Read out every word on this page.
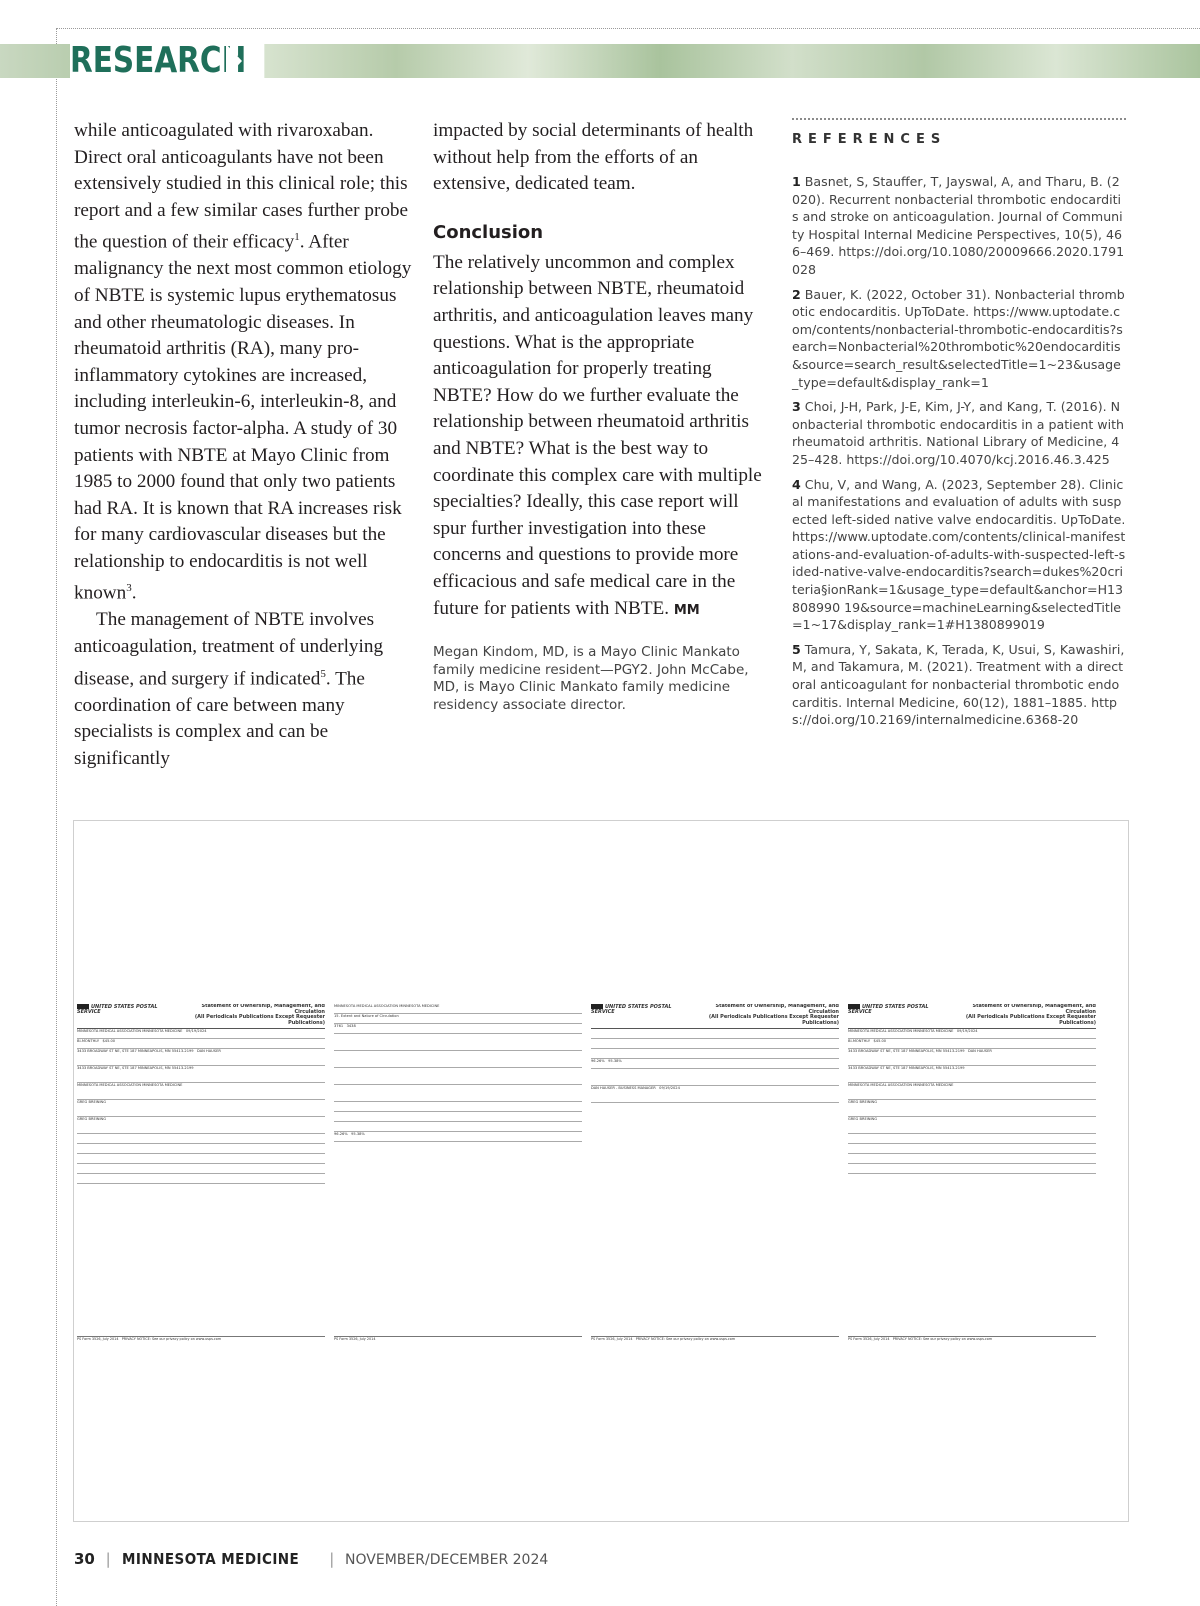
RESEARCH

while anticoagulated with rivaroxaban. Direct oral anticoagulants have not been extensively studied in this clinical role; this report and a few similar cases further probe the question of their efficacy$^1$. After malignancy the next most common etiology of NBTE is systemic lupus erythematosus and other rheumatologic diseases. In rheumatoid arthritis (RA), many pro-inflammatory cytokines are increased, including interleukin-6, interleukin-8, and tumor necrosis factor-alpha. A study of 30 patients with NBTE at Mayo Clinic from 1985 to 2000 found that only two patients had RA. It is known that RA increases risk for many cardiovascular diseases but the relationship to endocarditis is not well known$^3$.

The management of NBTE involves anticoagulation, treatment of underlying disease, and surgery if indicated$^5$. The coordination of care between many specialists is complex and can be significantly

impacted by social determinants of health without help from the efforts of an extensive, dedicated team.

Conclusion

The relatively uncommon and complex relationship between NBTE, rheumatoid arthritis, and anticoagulation leaves many questions. What is the appropriate anticoagulation for properly treating NBTE? How do we further evaluate the relationship between rheumatoid arthritis and NBTE? What is the best way to coordinate this complex care with multiple specialties? Ideally, this case report will spur further investigation into these concerns and questions to provide more efficacious and safe medical care in the future for patients with NBTE. MM

Megan Kindom, MD, is a Mayo Clinic Mankato family medicine resident—PGY2. John McCabe, MD, is Mayo Clinic Mankato family medicine residency associate director.

REFERENCES

1 Basnet, S, Stauffer, T, Jayswal, A, and Tharu, B. (2020). Recurrent nonbacterial thrombotic endocarditis and stroke on anticoagulation. Journal of Community Hospital Internal Medicine Perspectives, 10(5), 466–469. https://doi.org/10.1080/20009666.2020.1791028

2 Bauer, K. (2022, October 31). Nonbacterial thrombotic endocarditis. UpToDate. https://www.uptodate.com/contents/nonbacterial-thrombotic-endocarditis?search=Nonbacterial%20thrombotic%20endocarditis&source=search_result&selectedTitle=1~23&usage_type=default&display_rank=1

3 Choi, J-H, Park, J-E, Kim, J-Y, and Kang, T. (2016). Nonbacterial thrombotic endocarditis in a patient with rheumatoid arthritis. National Library of Medicine, 425–428. https://doi.org/10.4070/kcj.2016.46.3.425

4 Chu, V, and Wang, A. (2023, September 28). Clinical manifestations and evaluation of adults with suspected left-sided native valve endocarditis. UpToDate. https://www.uptodate.com/contents/clinical-manifestations-and-evaluation-of-adults-with-suspected-left-sided-native-valve-endocarditis?search=dukes%20criteria§ionRank=1&usage_type=default&anchor=H13808990 19&source=machineLearning&selectedTitle=1~17&display_rank=1#H1380899019

5 Tamura, Y, Sakata, K, Terada, K, Usui, S, Kawashiri, M, and Takamura, M. (2021). Treatment with a direct oral anticoagulant for nonbacterial thrombotic endocarditis. Internal Medicine, 60(12), 1881–1885. https://doi.org/10.2169/internalmedicine.6368-20

UNITED STATES POSTAL SERVICE
Statement of Ownership, Management, and Circulation
(All Periodicals Publications Except Requester Publications)
MINNESOTA MEDICAL ASSOCIATION MINNESOTA MEDICINE 09/19/2024
BI-MONTHLY $45.00
3433 BROADWAY ST NE, STE 187 MINNEAPOLIS, MN 55413-2199 DAN HAUSER
3433 BROADWAY ST NE, STE 187 MINNEAPOLIS, MN 55413-2199
MINNESOTA MEDICAL ASSOCIATION MINNESOTA MEDICINE
GREG BREINING
GREG BREINING
PS Form 3526, July 2014 PRIVACY NOTICE: See our privacy policy on www.usps.com
MINNESOTA MEDICAL ASSOCIATION MINNESOTA MEDICINE
15. Extent and Nature of Circulation
3761 3438
96.26% 95.38%
PS Form 3526, July 2014
UNITED STATES POSTAL SERVICE
Statement of Ownership, Management, and Circulation
(All Periodicals Publications Except Requester Publications)
96.26% 95.38%
DAN HAUSER - BUSINESS MANAGER 09/19/2024
PS Form 3526, July 2014 PRIVACY NOTICE: See our privacy policy on www.usps.com
UNITED STATES POSTAL SERVICE
Statement of Ownership, Management, and Circulation
(All Periodicals Publications Except Requester Publications)
MINNESOTA MEDICAL ASSOCIATION MINNESOTA MEDICINE 09/19/2024
BI-MONTHLY $45.00
3433 BROADWAY ST NE, STE 187 MINNEAPOLIS, MN 55413-2199 DAN HAUSER
3433 BROADWAY ST NE, STE 187 MINNEAPOLIS, MN 55413-2199
MINNESOTA MEDICAL ASSOCIATION MINNESOTA MEDICINE
GREG BREINING
GREG BREINING
PS Form 3526, July 2014 PRIVACY NOTICE: See our privacy policy on www.usps.com
30 | MINNESOTA MEDICINE | NOVEMBER/DECEMBER 2024
